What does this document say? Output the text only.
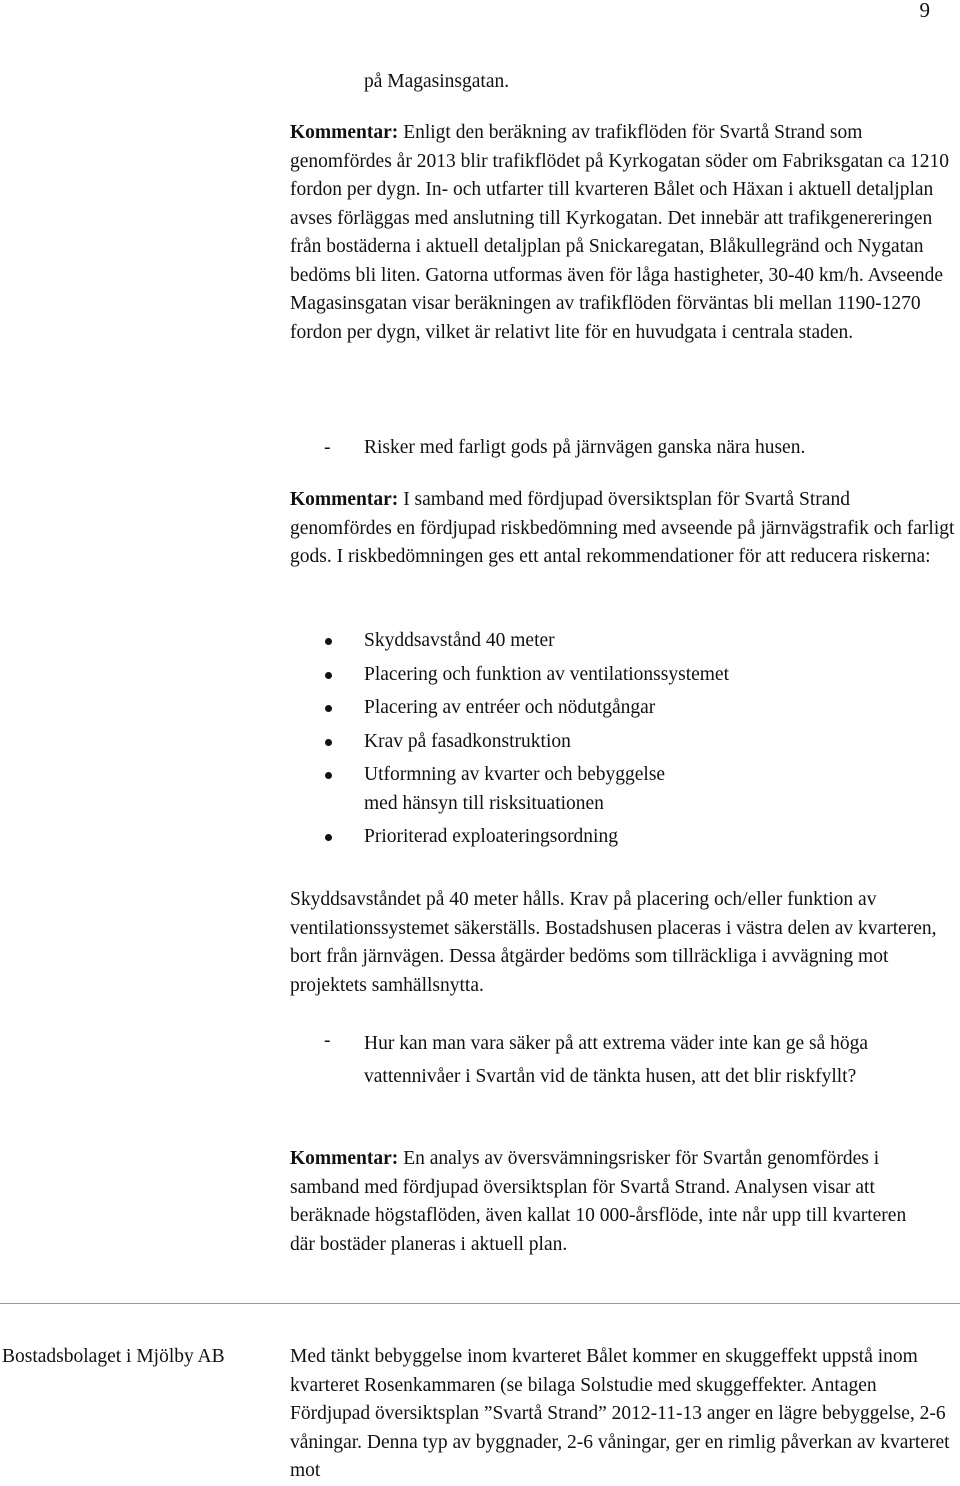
9

på Magasinsgatan.

Kommentar: Enligt den beräkning av trafikflöden för Svartå Strand som genomfördes år 2013 blir trafikflödet på Kyrkogatan söder om Fabriksgatan ca 1210 fordon per dygn. In- och utfarter till kvarteren Bålet och Häxan i aktuell detaljplan avses förläggas med anslutning till Kyrkogatan. Det innebär att trafikgenereringen från bostäderna i aktuell detaljplan på Snickaregatan, Blåkullegränd och Nygatan bedöms bli liten. Gatorna utformas även för låga hastigheter, 30-40 km/h. Avseende Magasinsgatan visar beräkningen av trafikflöden förväntas bli mellan 1190-1270 fordon per dygn, vilket är relativt lite för en huvudgata i centrala staden.

- Risker med farligt gods på järnvägen ganska nära husen.

Kommentar: I samband med fördjupad översiktsplan för Svartå Strand genomfördes en fördjupad riskbedömning med avseende på järnvägstrafik och farligt gods. I riskbedömningen ges ett antal rekommendationer för att reducera riskerna:

Skyddsavstånd 40 meter
Placering och funktion av ventilationssystemet
Placering av entréer och nödutgångar
Krav på fasadkonstruktion
Utformning av kvarter och bebyggelse med hänsyn till risksituationen
Prioriterad exploateringsordning

Skyddsavståndet på 40 meter hålls. Krav på placering och/eller funktion av ventilationssystemet säkerställs. Bostadshusen placeras i västra delen av kvarteren, bort från järnvägen. Dessa åtgärder bedöms som tillräckliga i avvägning mot projektets samhällsnytta.

- Hur kan man vara säker på att extrema väder inte kan ge så höga vattennivåer i Svartån vid de tänkta husen, att det blir riskfyllt?

Kommentar: En analys av översvämningsrisker för Svartån genomfördes i samband med fördjupad översiktsplan för Svartå Strand. Analysen visar att beräknade högstaflöden, även kallat 10 000-årsflöde, inte når upp till kvarteren där bostäder planeras i aktuell plan.

Bostadsbolaget i Mjölby AB	Med tänkt bebyggelse inom kvarteret Bålet kommer en skuggeffekt uppstå inom kvarteret Rosenkammaren (se bilaga Solstudie med skuggeffekter. Antagen Fördjupad översiktsplan ”Svartå Strand” 2012-11-13 anger en lägre bebyggelse, 2-6 våningar. Denna typ av byggnader, 2-6 våningar, ger en rimlig påverkan av kvarteret mot
